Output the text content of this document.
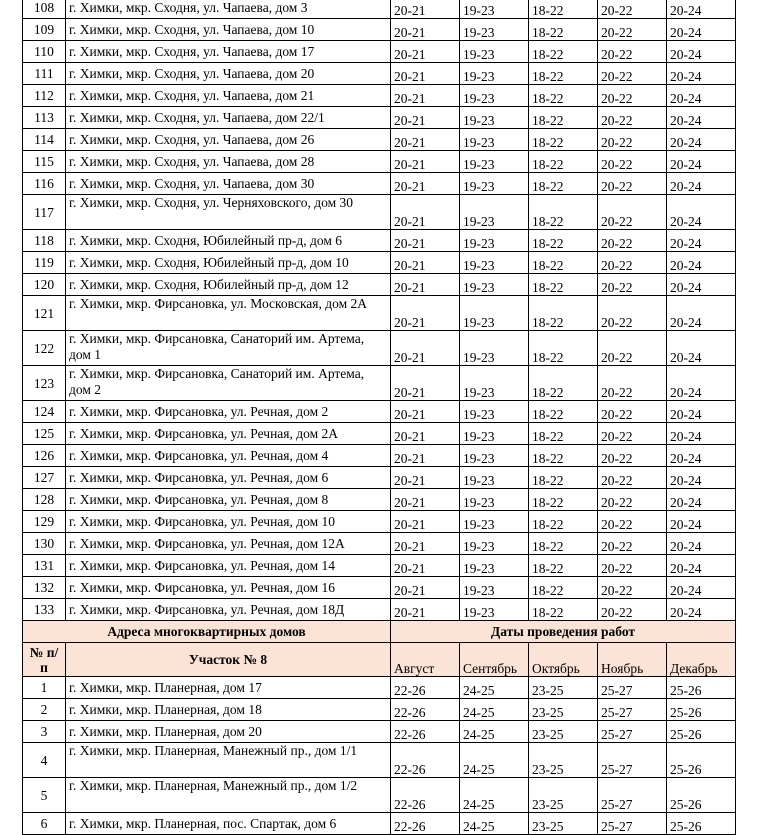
108	г. Химки, мкр. Сходня, ул. Чапаева, дом 3	20-21	19-23	18-22	20-22	20-24
109	г. Химки, мкр. Сходня, ул. Чапаева, дом 10	20-21	19-23	18-22	20-22	20-24
110	г. Химки, мкр. Сходня, ул. Чапаева, дом 17	20-21	19-23	18-22	20-22	20-24
111	г. Химки, мкр. Сходня, ул. Чапаева, дом 20	20-21	19-23	18-22	20-22	20-24
112	г. Химки, мкр. Сходня, ул. Чапаева, дом 21	20-21	19-23	18-22	20-22	20-24
113	г. Химки, мкр. Сходня, ул. Чапаева, дом 22/1	20-21	19-23	18-22	20-22	20-24
114	г. Химки, мкр. Сходня, ул. Чапаева, дом 26	20-21	19-23	18-22	20-22	20-24
115	г. Химки, мкр. Сходня, ул. Чапаева, дом 28	20-21	19-23	18-22	20-22	20-24
116	г. Химки, мкр. Сходня, ул. Чапаева, дом 30	20-21	19-23	18-22	20-22	20-24
117	г. Химки, мкр. Сходня, ул. Черняховского, дом 30	20-21	19-23	18-22	20-22	20-24
118	г. Химки, мкр. Сходня, Юбилейный пр-д, дом 6	20-21	19-23	18-22	20-22	20-24
119	г. Химки, мкр. Сходня, Юбилейный пр-д, дом 10	20-21	19-23	18-22	20-22	20-24
120	г. Химки, мкр. Сходня, Юбилейный пр-д, дом 12	20-21	19-23	18-22	20-22	20-24
121	г. Химки, мкр. Фирсановка, ул. Московская, дом 2А	20-21	19-23	18-22	20-22	20-24
122	г. Химки, мкр. Фирсановка, Санаторий им. Артема, дом 1	20-21	19-23	18-22	20-22	20-24
123	г. Химки, мкр. Фирсановка, Санаторий им. Артема, дом 2	20-21	19-23	18-22	20-22	20-24
124	г. Химки, мкр. Фирсановка, ул. Речная, дом 2	20-21	19-23	18-22	20-22	20-24
125	г. Химки, мкр. Фирсановка, ул. Речная, дом 2А	20-21	19-23	18-22	20-22	20-24
126	г. Химки, мкр. Фирсановка, ул. Речная, дом 4	20-21	19-23	18-22	20-22	20-24
127	г. Химки, мкр. Фирсановка, ул. Речная, дом 6	20-21	19-23	18-22	20-22	20-24
128	г. Химки, мкр. Фирсановка, ул. Речная, дом 8	20-21	19-23	18-22	20-22	20-24
129	г. Химки, мкр. Фирсановка, ул. Речная, дом 10	20-21	19-23	18-22	20-22	20-24
130	г. Химки, мкр. Фирсановка, ул. Речная, дом 12А	20-21	19-23	18-22	20-22	20-24
131	г. Химки, мкр. Фирсановка, ул. Речная, дом 14	20-21	19-23	18-22	20-22	20-24
132	г. Химки, мкр. Фирсановка, ул. Речная, дом 16	20-21	19-23	18-22	20-22	20-24
133	г. Химки, мкр. Фирсановка, ул. Речная, дом 18Д	20-21	19-23	18-22	20-22	20-24
Адреса многоквартирных домов		Даты проведения работ				
№ п/п	Участок № 8	Август	Сентябрь	Октябрь	Ноябрь	Декабрь
1	г. Химки, мкр. Планерная, дом 17	22-26	24-25	23-25	25-27	25-26
2	г. Химки, мкр. Планерная, дом 18	22-26	24-25	23-25	25-27	25-26
3	г. Химки, мкр. Планерная, дом 20	22-26	24-25	23-25	25-27	25-26
4	г. Химки, мкр. Планерная, Манежный пр., дом 1/1	22-26	24-25	23-25	25-27	25-26
5	г. Химки, мкр. Планерная, Манежный пр., дом 1/2	22-26	24-25	23-25	25-27	25-26
6	г. Химки, мкр. Планерная, пос. Спартак, дом 6	22-26	24-25	23-25	25-27	25-26
